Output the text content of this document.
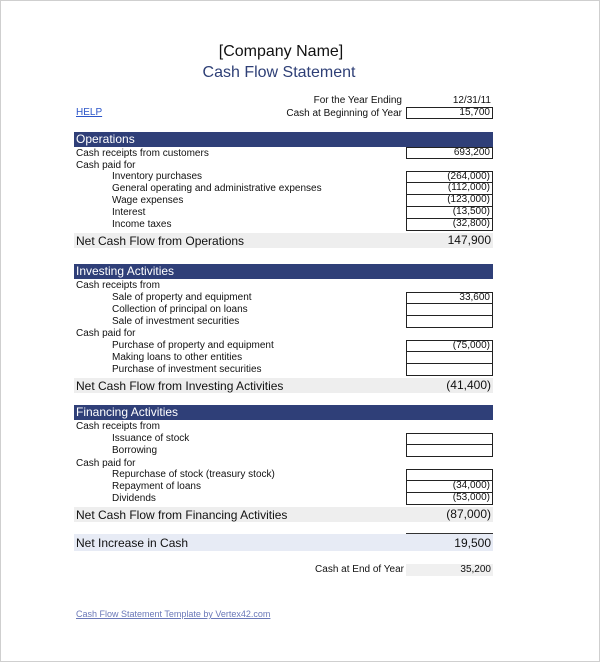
[Company Name]
Cash Flow Statement
HELP
For the Year Ending	12/31/11
Cash at Beginning of Year	15,700
Operations
Cash receipts from customers	693,200
Cash paid for
Inventory purchases	(264,000)
General operating and administrative expenses	(112,000)
Wage expenses	(123,000)
Interest	(13,500)
Income taxes	(32,800)
Net Cash Flow from Operations	147,900
Investing Activities
Cash receipts from
Sale of property and equipment	33,600
Collection of principal on loans
Sale of investment securities
Cash paid for
Purchase of property and equipment	(75,000)
Making loans to other entities
Purchase of investment securities
Net Cash Flow from Investing Activities	(41,400)
Financing Activities
Cash receipts from
Issuance of stock
Borrowing
Cash paid for
Repurchase of stock (treasury stock)
Repayment of loans	(34,000)
Dividends	(53,000)
Net Cash Flow from Financing Activities	(87,000)
Net Increase in Cash	19,500
Cash at End of Year	35,200
Cash Flow Statement Template by Vertex42.com
